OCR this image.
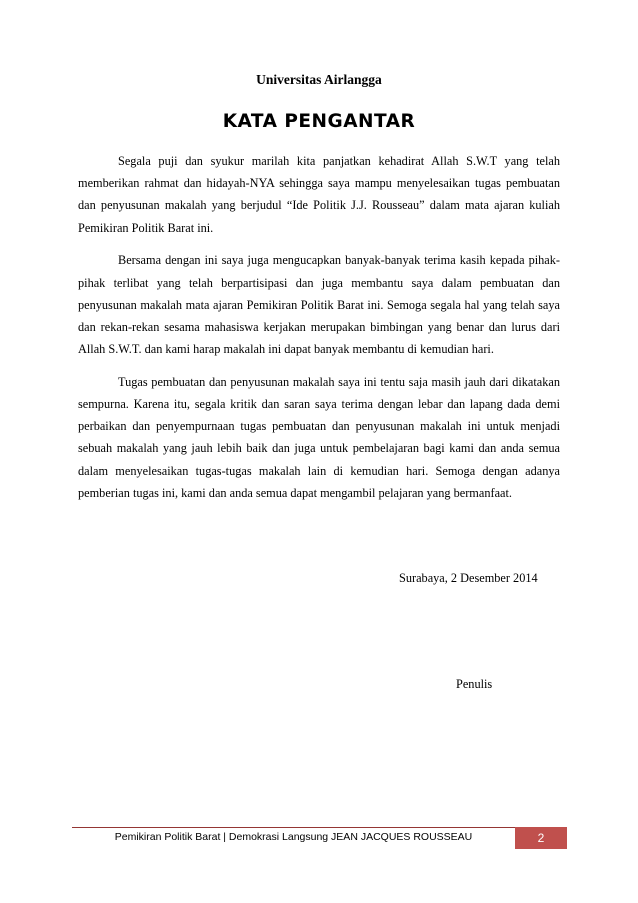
Universitas Airlangga
KATA PENGANTAR

Segala puji dan syukur marilah kita panjatkan kehadirat Allah S.W.T yang telah memberikan rahmat dan hidayah-NYA sehingga saya mampu menyelesaikan tugas pembuatan dan penyusunan makalah yang berjudul “Ide Politik J.J. Rousseau” dalam mata ajaran kuliah Pemikiran Politik Barat ini.

Bersama dengan ini saya juga mengucapkan banyak-banyak terima kasih kepada pihak-pihak terlibat yang telah berpartisipasi dan juga membantu saya dalam pembuatan dan penyusunan makalah mata ajaran Pemikiran Politik Barat ini. Semoga segala hal yang telah saya dan rekan-rekan sesama mahasiswa kerjakan merupakan bimbingan yang benar dan lurus dari Allah S.W.T. dan kami harap makalah ini dapat banyak membantu di kemudian hari.

Tugas pembuatan dan penyusunan makalah saya ini tentu saja masih jauh dari dikatakan sempurna. Karena itu, segala kritik dan saran saya terima dengan lebar dan lapang dada demi perbaikan dan penyempurnaan tugas pembuatan dan penyusunan makalah ini untuk menjadi sebuah makalah yang jauh lebih baik dan juga untuk pembelajaran bagi kami dan anda semua dalam menyelesaikan tugas-tugas makalah lain di kemudian hari. Semoga dengan adanya pemberian tugas ini, kami dan anda semua dapat mengambil pelajaran yang bermanfaat.

Surabaya, 2 Desember 2014
Penulis
Pemikiran Politik Barat | Demokrasi Langsung JEAN JACQUES ROUSSEAU	2
